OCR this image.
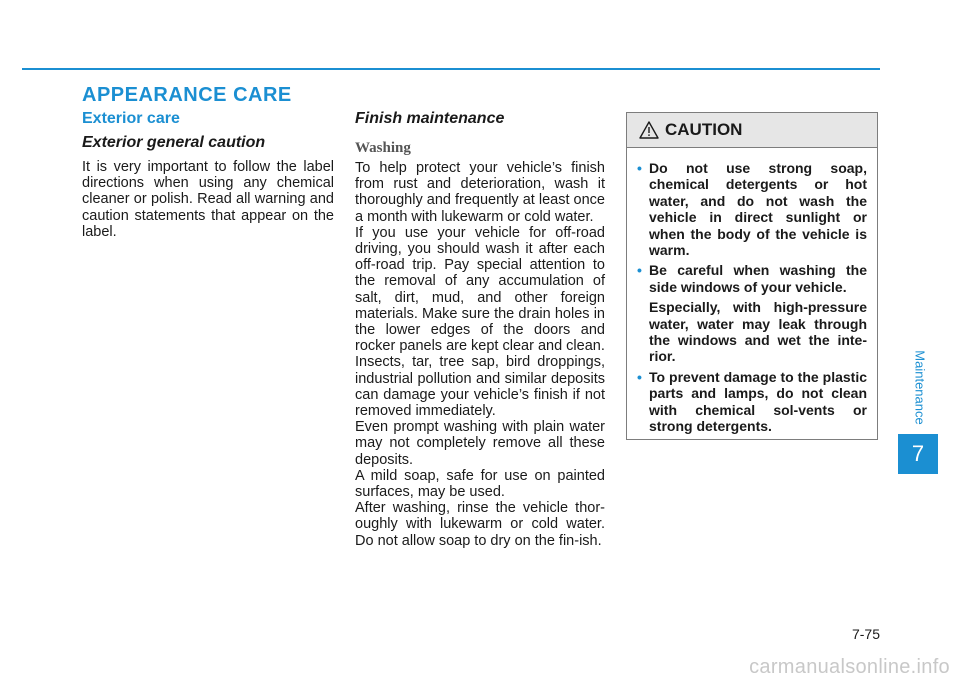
APPEARANCE CARE
Exterior care
Exterior general caution

It is very important to follow the label directions when using any chemical cleaner or polish. Read all warning and caution statements that appear on the label.

Finish maintenance
Washing

To help protect your vehicle’s finish from rust and deterioration, wash it thoroughly and frequently at least once a month with lukewarm or cold water.

If you use your vehicle for off-road driving, you should wash it after each off-road trip. Pay special attention to the removal of any accumulation of salt, dirt, mud, and other foreign materials. Make sure the drain holes in the lower edges of the doors and rocker panels are kept clear and clean.

Insects, tar, tree sap, bird droppings, industrial pollution and similar deposits can damage your vehicle’s finish if not removed immediately.

Even prompt washing with plain water may not completely remove all these deposits.

A mild soap, safe for use on painted surfaces, may be used.

After washing, rinse the vehicle thor-oughly with lukewarm or cold water. Do not allow soap to dry on the fin-ish.

CAUTION
• Do not use strong soap, chemical detergents or hot water, and do not wash the vehicle in direct sunlight or when the body of the vehicle is warm.

• Be careful when washing the side windows of your vehicle.

Especially, with high-pressure water, water may leak through the windows and wet the inte-rior.

• To prevent damage to the plastic parts and lamps, do not clean with chemical sol-vents or strong detergents.

Maintenance
7
7-75
carmanualsonline.info
